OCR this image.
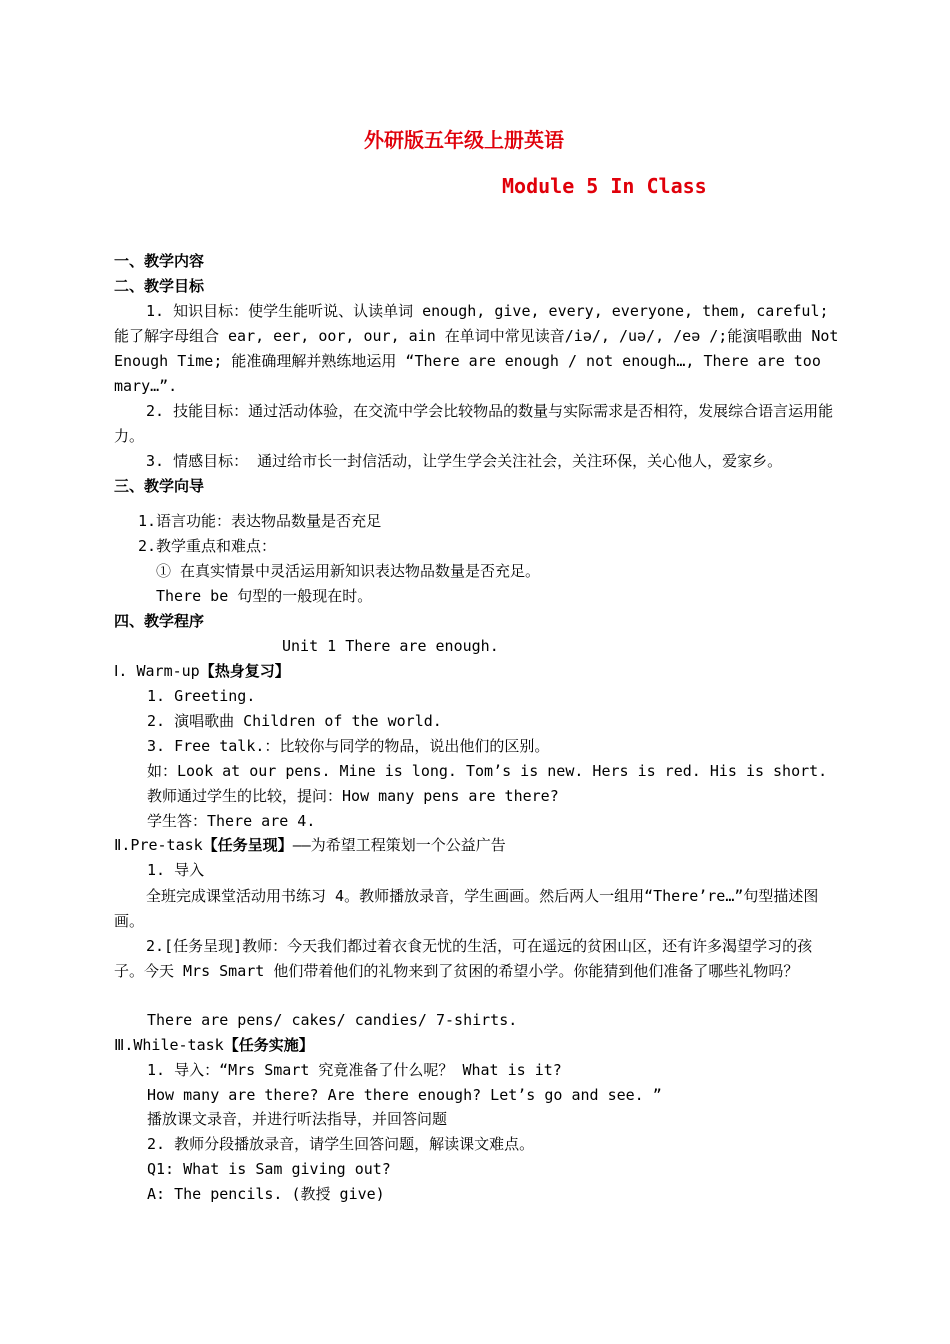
外研版五年级上册英语
Module 5 In Class
一、教学内容
二、教学目标
1. 知识目标：使学生能听说、认读单词 enough, give, every, everyone, them, careful; 能了解字母组合 ear, eer, oor, our, ain 在单词中常见读音/iə/, /uə/, /eə /;能演唱歌曲 Not Enough Time; 能准确理解并熟练地运用 “There are enough / not enough…, There are too mary…”.
2. 技能目标：通过活动体验，在交流中学会比较物品的数量与实际需求是否相符，发展综合语言运用能力。
3. 情感目标： 通过给市长一封信活动，让学生学会关注社会，关注环保，关心他人，爱家乡。
三、教学向导
1.语言功能：表达物品数量是否充足
2.教学重点和难点：
① 在真实情景中灵活运用新知识表达物品数量是否充足。
There be 句型的一般现在时。
四、教学程序
Unit 1 There are enough.
Ⅰ. Warm-up【热身复习】
1. Greeting.
2. 演唱歌曲 Children of the world.
3. Free talk.：比较你与同学的物品，说出他们的区别。
如：Look at our pens. Mine is long. Tom’s is new. Hers is red. His is short.
教师通过学生的比较，提问：How many pens are there?
学生答：There are 4.
Ⅱ.Pre-task【任务呈现】——为希望工程策划一个公益广告
1. 导入
全班完成课堂活动用书练习 4。教师播放录音，学生画画。然后两人一组用“There’re…”句型描述图画。
2.[任务呈现]教师：今天我们都过着衣食无忧的生活，可在遥远的贫困山区，还有许多渴望学习的孩子。今天 Mrs Smart 他们带着他们的礼物来到了贫困的希望小学。你能猜到他们准备了哪些礼物吗？
There are pens/ cakes/ candies/ 7-shirts.
Ⅲ.While-task【任务实施】
1. 导入：“Mrs Smart 究竟准备了什么呢？ What is it?
How many are there? Are there enough? Let’s go and see. ”
播放课文录音，并进行听法指导，并回答问题
2. 教师分段播放录音，请学生回答问题，解读课文难点。
Q1: What is Sam giving out?
A: The pencils. (教授 give)
